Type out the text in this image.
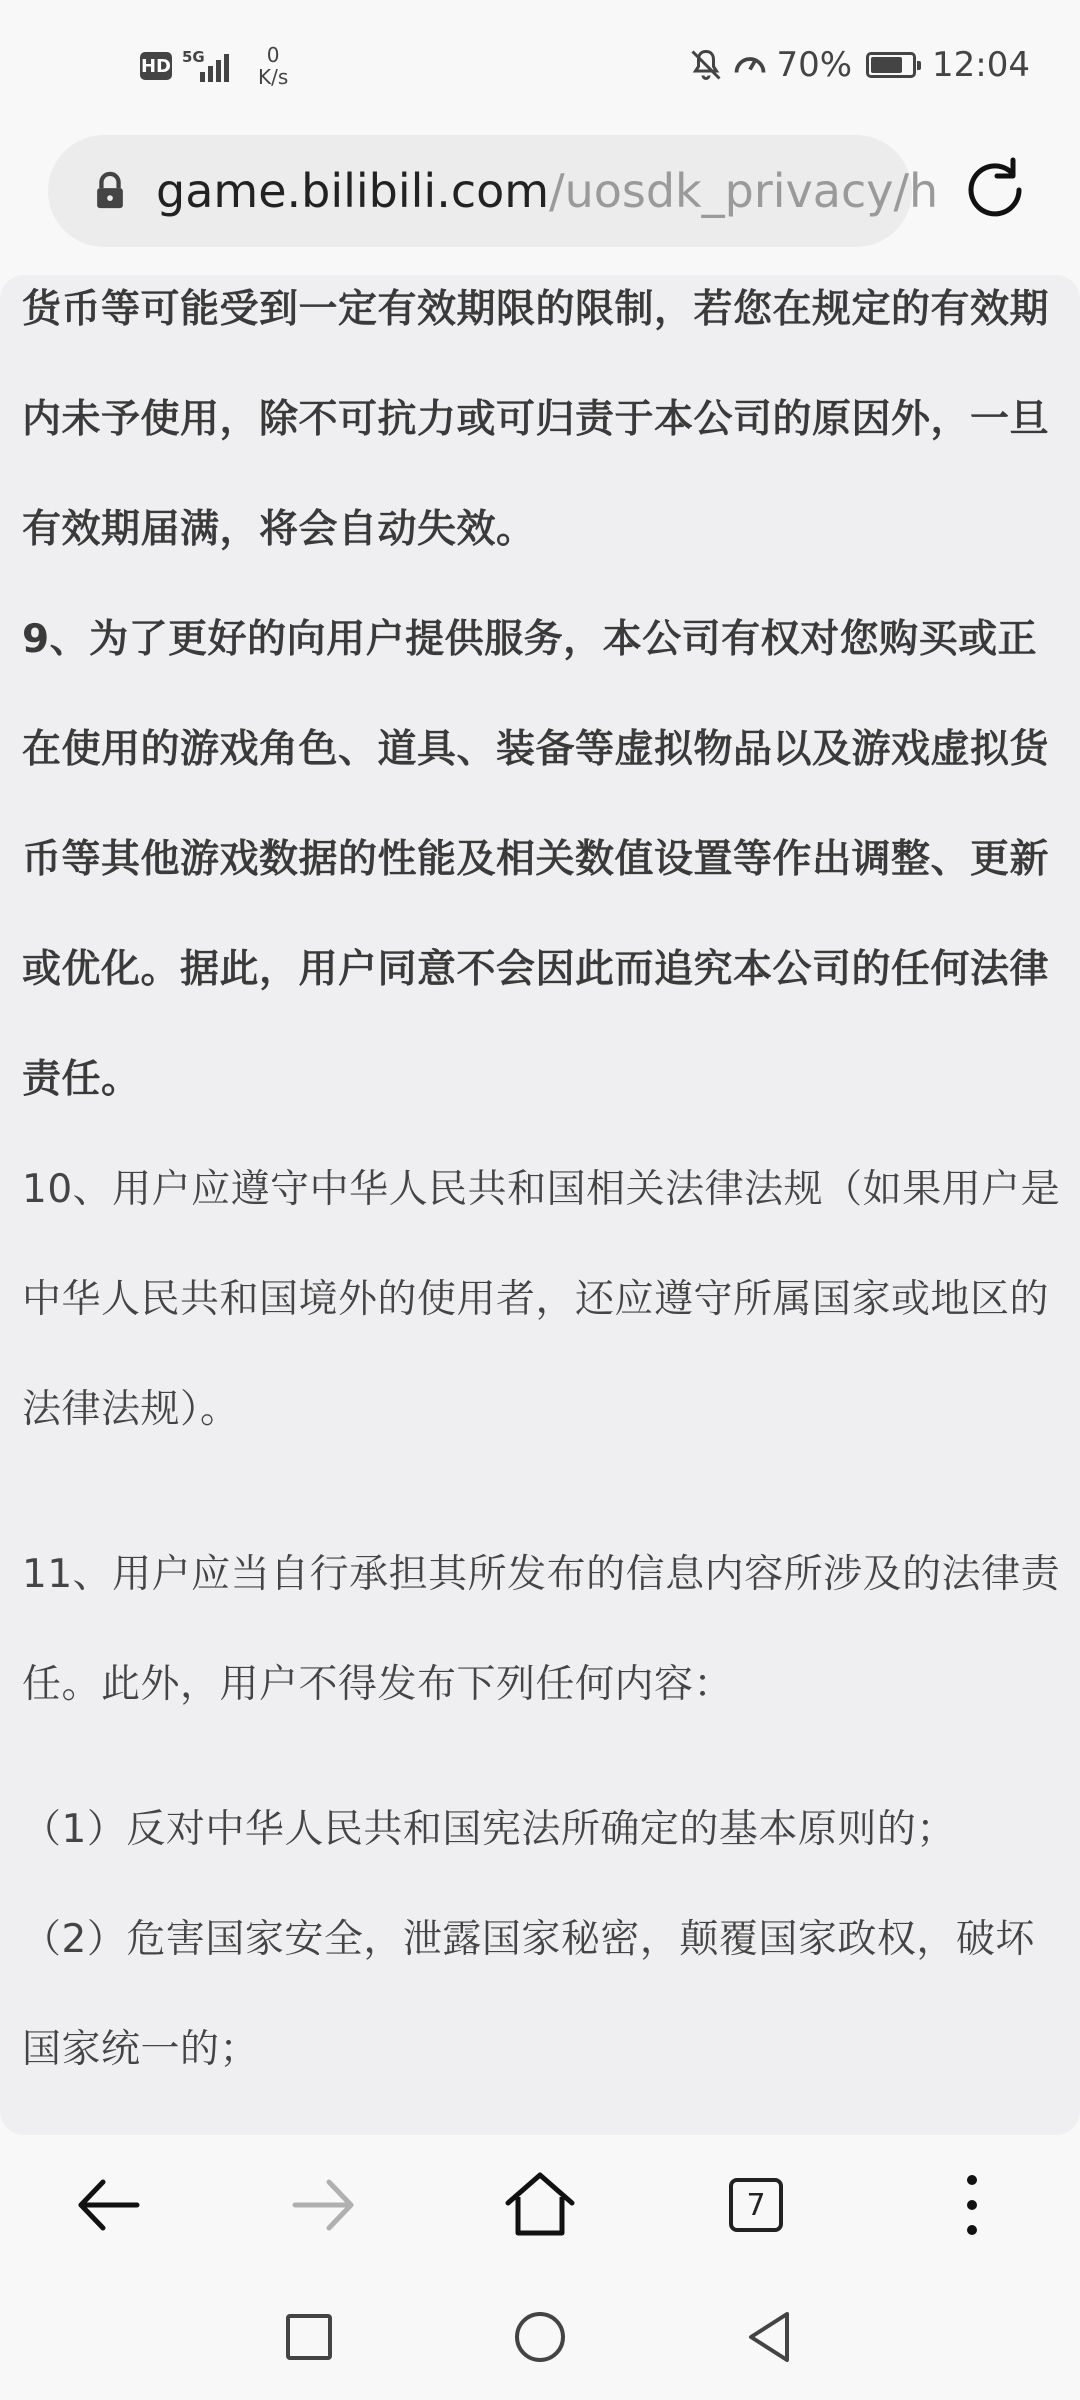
HD 5G	0
K/s	70% 12:04
game.bilibili.com/uosdk_privacy/h

货币等可能受到一定有效期限的限制，若您在规定的有效期内未予使用，除不可抗力或可归责于本公司的原因外，一旦有效期届满，将会自动失效。

9、为了更好的向用户提供服务，本公司有权对您购买或正在使用的游戏角色、道具、装备等虚拟物品以及游戏虚拟货币等其他游戏数据的性能及相关数值设置等作出调整、更新或优化。据此，用户同意不会因此而追究本公司的任何法律责任。

10、用户应遵守中华人民共和国相关法律法规（如果用户是中华人民共和国境外的使用者，还应遵守所属国家或地区的法律法规）。

11、用户应当自行承担其所发布的信息内容所涉及的法律责任。此外，用户不得发布下列任何内容：

（1）反对中华人民共和国宪法所确定的基本原则的；

（2）危害国家安全，泄露国家秘密，颠覆国家政权，破坏国家统一的；

7
